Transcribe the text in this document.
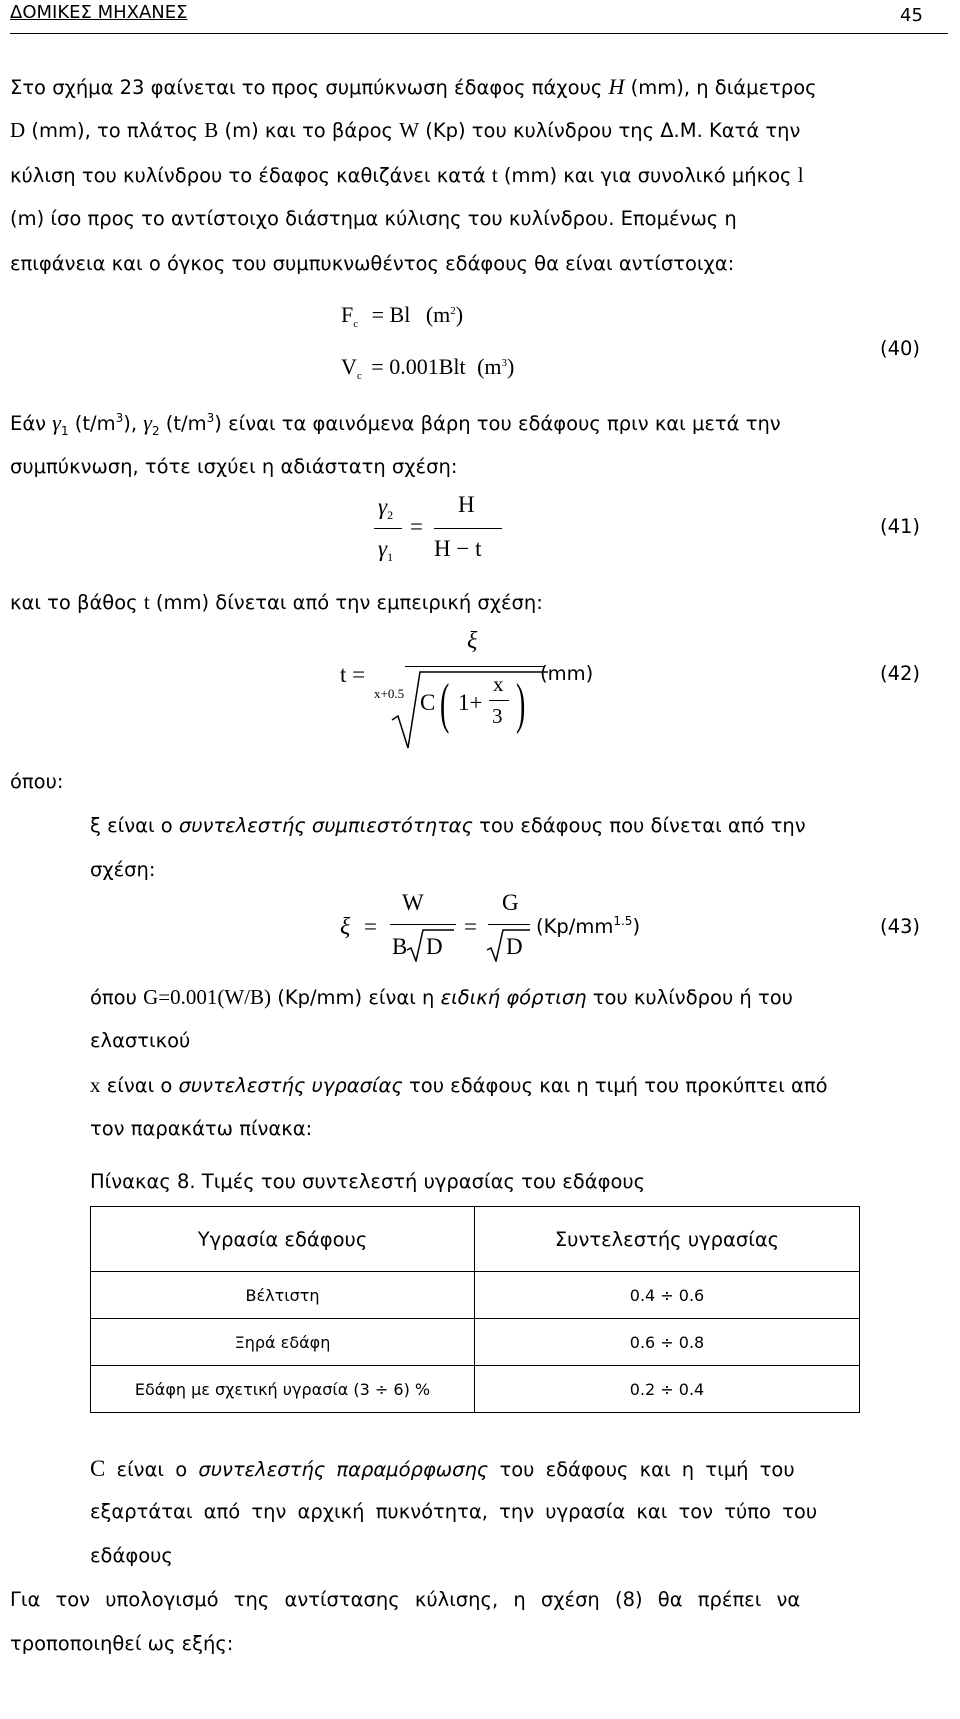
ΔΟΜΙΚΕΣ ΜΗΧΑΝΕΣ	45
Στο σχήμα 23 φαίνεται το προς συμπύκνωση έδαφος πάχους H (mm), η διάμετρος
D (mm), το πλάτος B (m) και το βάρος W (Kp) του κυλίνδρου της Δ.Μ. Κατά την
κύλιση του κυλίνδρου το έδαφος καθιζάνει κατά t (mm) και για συνολικό μήκος l
(m) ίσο προς το αντίστοιχο διάστημα κύλισης του κυλίνδρου. Επομένως η
επιφάνεια και ο όγκος του συμπυκνωθέντος εδάφους θα είναι αντίστοιχα:
$F_c = Bl$ $(m^2)$
$V_c = 0.001Blt$ $(m^3)$
(40)
Εάν $\gamma_1$ $(t/m^3)$, $\gamma_2$ $(t/m^3)$ είναι τα φαινόμενα βάρη του εδάφους πριν και μετά την
συμπύκνωση, τότε ισχύει η αδιάστατη σχέση:
$\gamma_2$
$\gamma_1$
=
H
H − t
(41)
και το βάθος t (mm) δίνεται από την εμπειρική σχέση:
t =
ξ
x+0.5 C ( 1+
x
3 ) (mm)	(42)
όπου:
ξ είναι ο συντελεστής συμπιεστότητας του εδάφους που δίνεται από την
σχέση:
ξ =
W
B D
=
G
D
$(Kp/mm^{1.5})$	(43)
όπου G=0.001(W/B) (Kp/mm) είναι η ειδική φόρτιση του κυλίνδρου ή του
ελαστικού
x είναι ο συντελεστής υγρασίας του εδάφους και η τιμή του προκύπτει από
τον παρακάτω πίνακα:
Πίνακας 8. Τιμές του συντελεστή υγρασίας του εδάφους
Υγρασία εδάφους	Συντελεστής υγρασίας
Βέλτιστη	0.4 ÷ 0.6
Ξηρά εδάφη	0.6 ÷ 0.8
Εδάφη με σχετική υγρασία (3 ÷ 6) %	0.2 ÷ 0.4
C είναι ο συντελεστής παραμόρφωσης του εδάφους και η τιμή του
εξαρτάται από την αρχική πυκνότητα, την υγρασία και τον τύπο του
εδάφους
Για τον υπολογισμό της αντίστασης κύλισης, η σχέση (8) θα πρέπει να
τροποποιηθεί ως εξής:
